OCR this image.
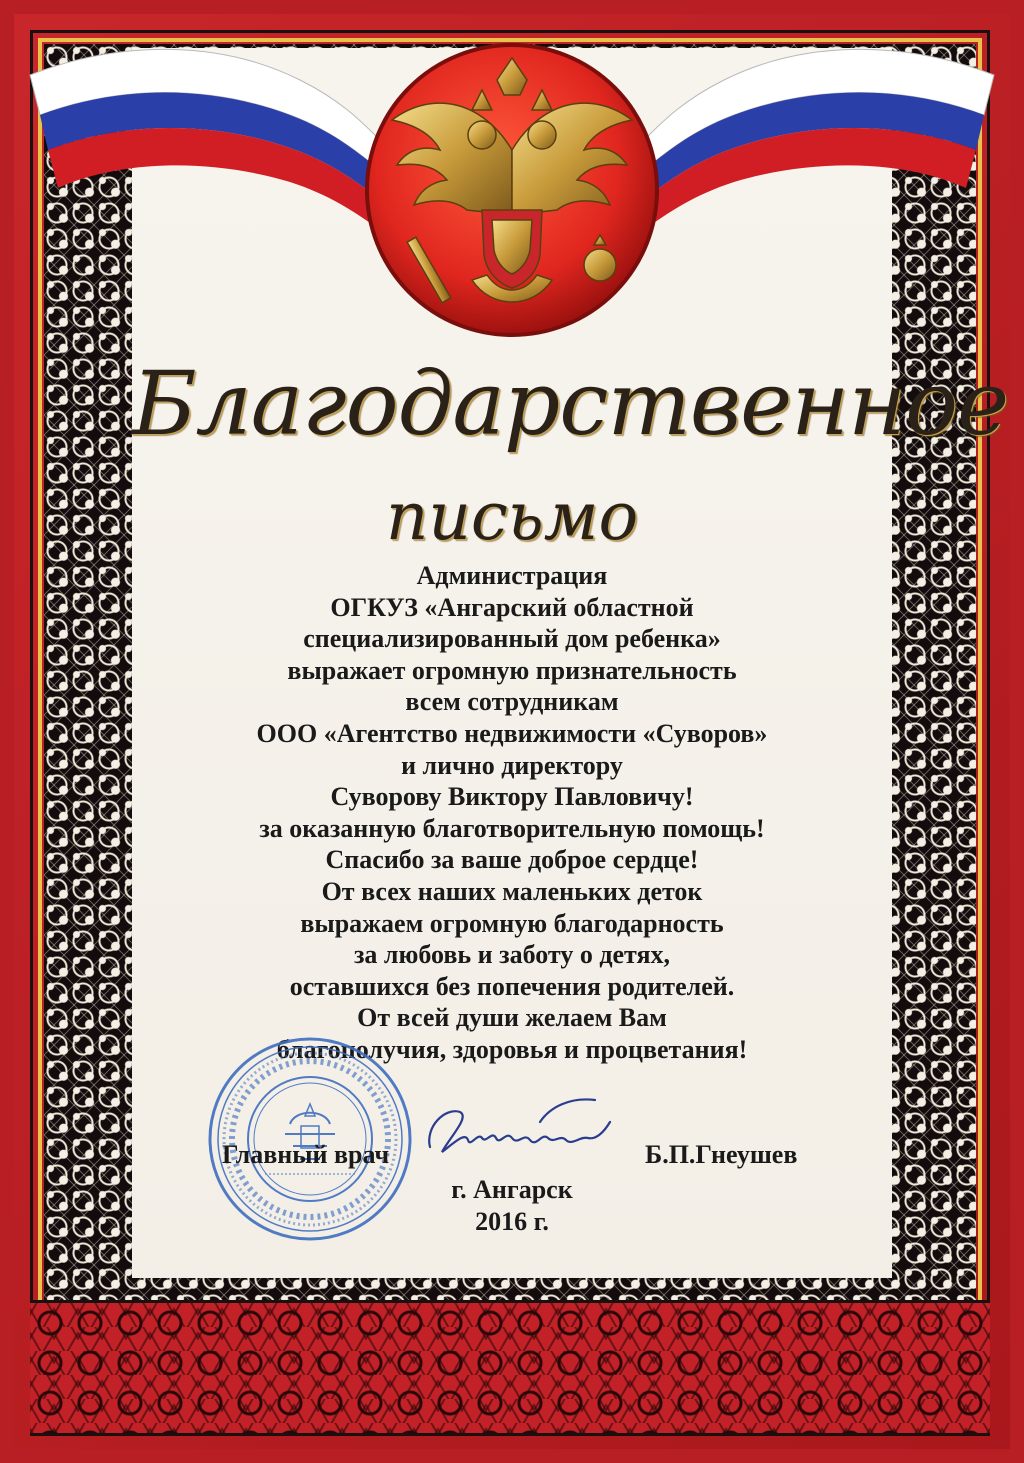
Благодарственное
письмо
Администрация
ОГКУЗ «Ангарский областной
специализированный дом ребенка»
выражает огромную признательность
всем сотрудникам
ООО «Агентство недвижимости «Суворов»
и лично директору
Суворову Виктору Павловичу!
за оказанную благотворительную помощь!
Спасибо за ваше доброе сердце!
От всех наших маленьких деток
выражаем огромную благодарность
за любовь и заботу о детях,
оставшихся без попечения родителей.
От всей души желаем Вам
благополучия, здоровья и процветания!
Главный врач	Б.П.Гнеушев
г. Ангарск
2016 г.
